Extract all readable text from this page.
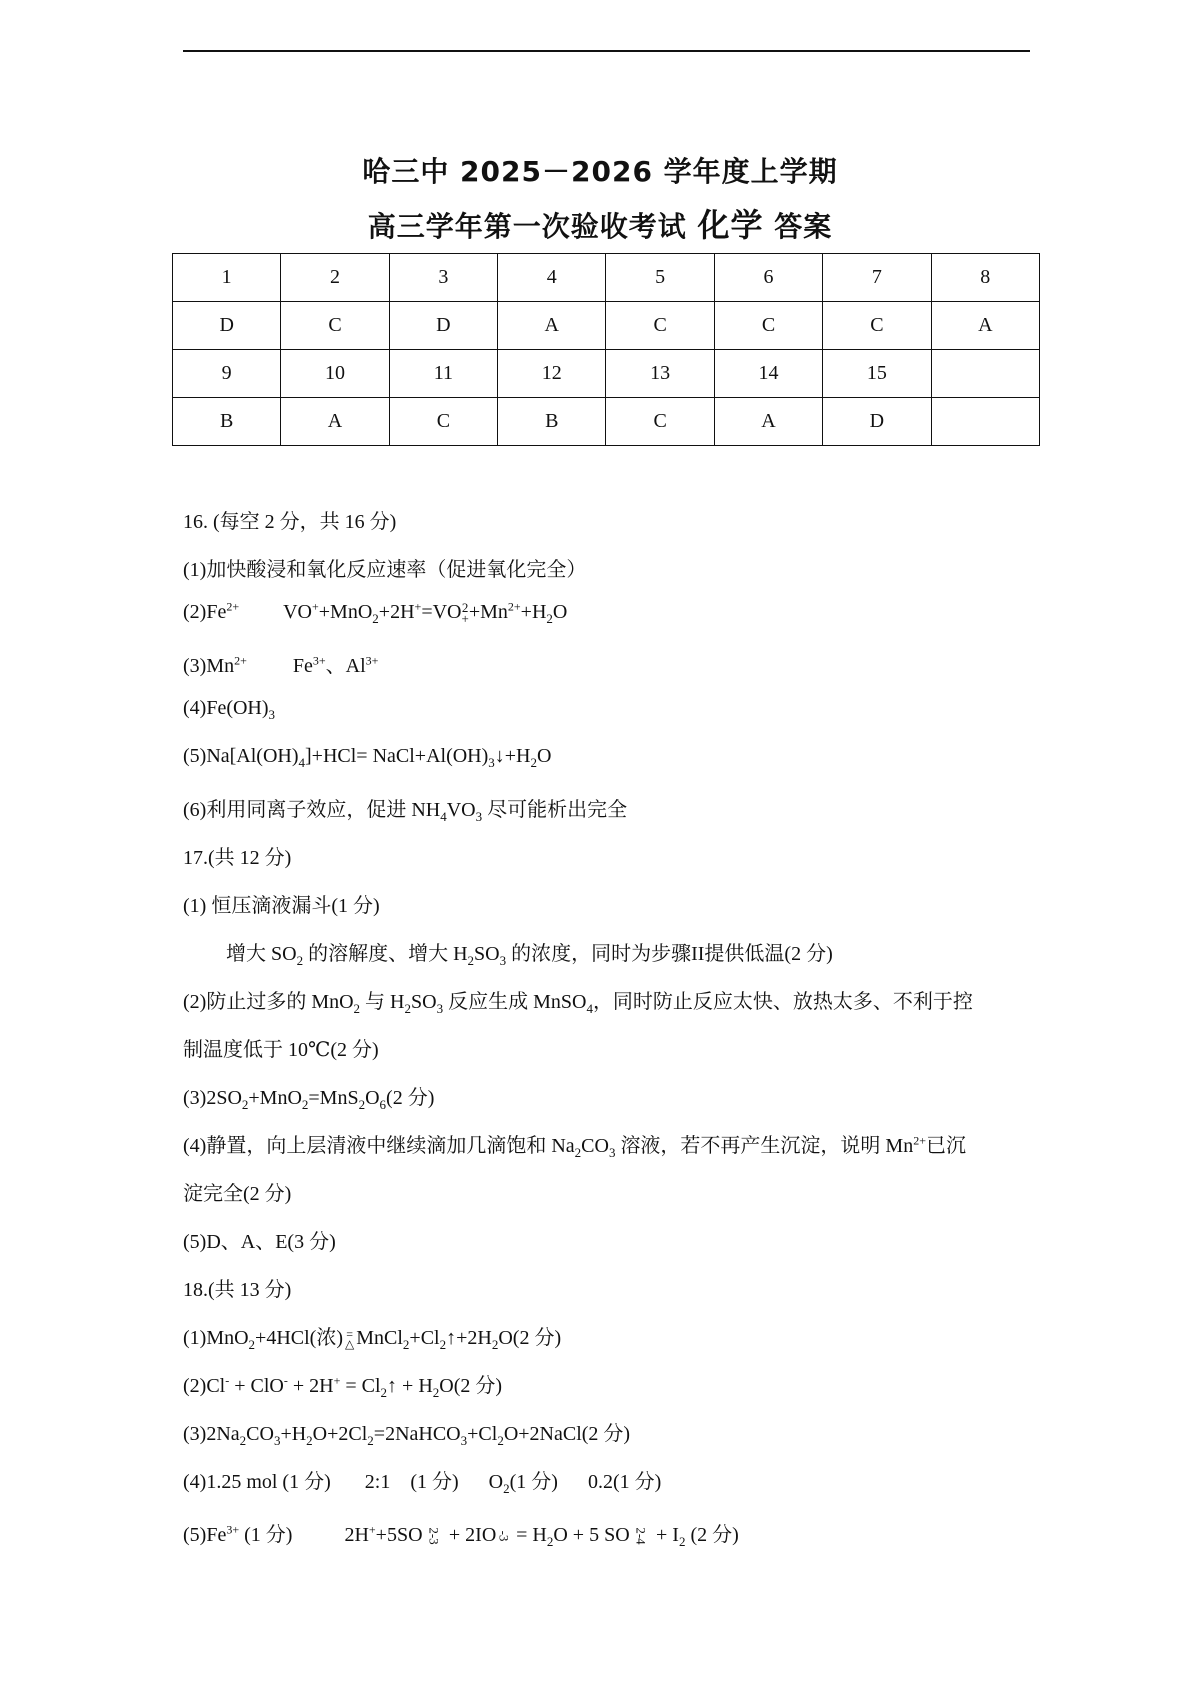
哈三中 2025－2026 学年度上学期
高三学年第一次验收考试 化学 答案
1	2	3	4	5	6	7	8
D	C	D	A	C	C	C	A
9	10	11	12	13	14	15	
B	A	C	B	C	A	D	
16. (每空 2 分，共 16 分)
(1)加快酸浸和氧化反应速率（促进氧化完全）
$(2)Fe^{2+}$ VO++MnO$_2$+2H+=VO2
$++Mn^{2+}+H_2O$
$(3)Mn^{2+}$ $Fe^{3+}$、$Al^{3+}$
$(4)Fe(OH)_3$
$(5)Na[Al(OH)_4]+HCl=$ $NaCl+Al(OH)_3↓+H_2O$
(6)利用同离子效应，促进 $NH_4VO_3$ 尽可能析出完全
17.(共 12 分)
(1) 恒压滴液漏斗(1 分)
增大 $SO_2$ 的溶解度、增大 $H_2SO_3$ 的浓度，同时为步骤II提供低温(2 分)
(2)防止过多的 MnO$_2$ 与 $H_2SO_3$ 反应生成 MnSO$_4$，同时防止反应太快、放热太多、不利于控
制温度低于 10℃(2 分)
$(3)2SO_2+MnO_2=MnS_2O_6(2$ 分)
(4)静置，向上层清液中继续滴加几滴饱和 $Na_2CO_3$ 溶液，若不再产生沉淀，说明 $Mn^{2+}$已沉
淀完全(2 分)
(5)D、A、E(3 分)
18.(共 13 分)
(1)MnO$_2$+4HCl(浓) =
△ $MnCl_2+Cl_2↑+2H_2O(2$ 分)
$(2)Cl^- + ClO^- + 2H^+ = Cl_2↑ + H_2O(2$ 分)
$(3)2Na_2CO_3+H_2O+2Cl_2=2NaHCO_3+Cl_2O+2NaCl(2$ 分)
(4)1.25 mol (1 分) 2:1　(1 分) $O_2(1$ 分) 0.2(1 分)
$(5)Fe^{3+}$ (1 分)	2H++5SO $2-3 + 2IO-3 = H_2O + 5$ SO $2-4 + I_2$ (2 分)
